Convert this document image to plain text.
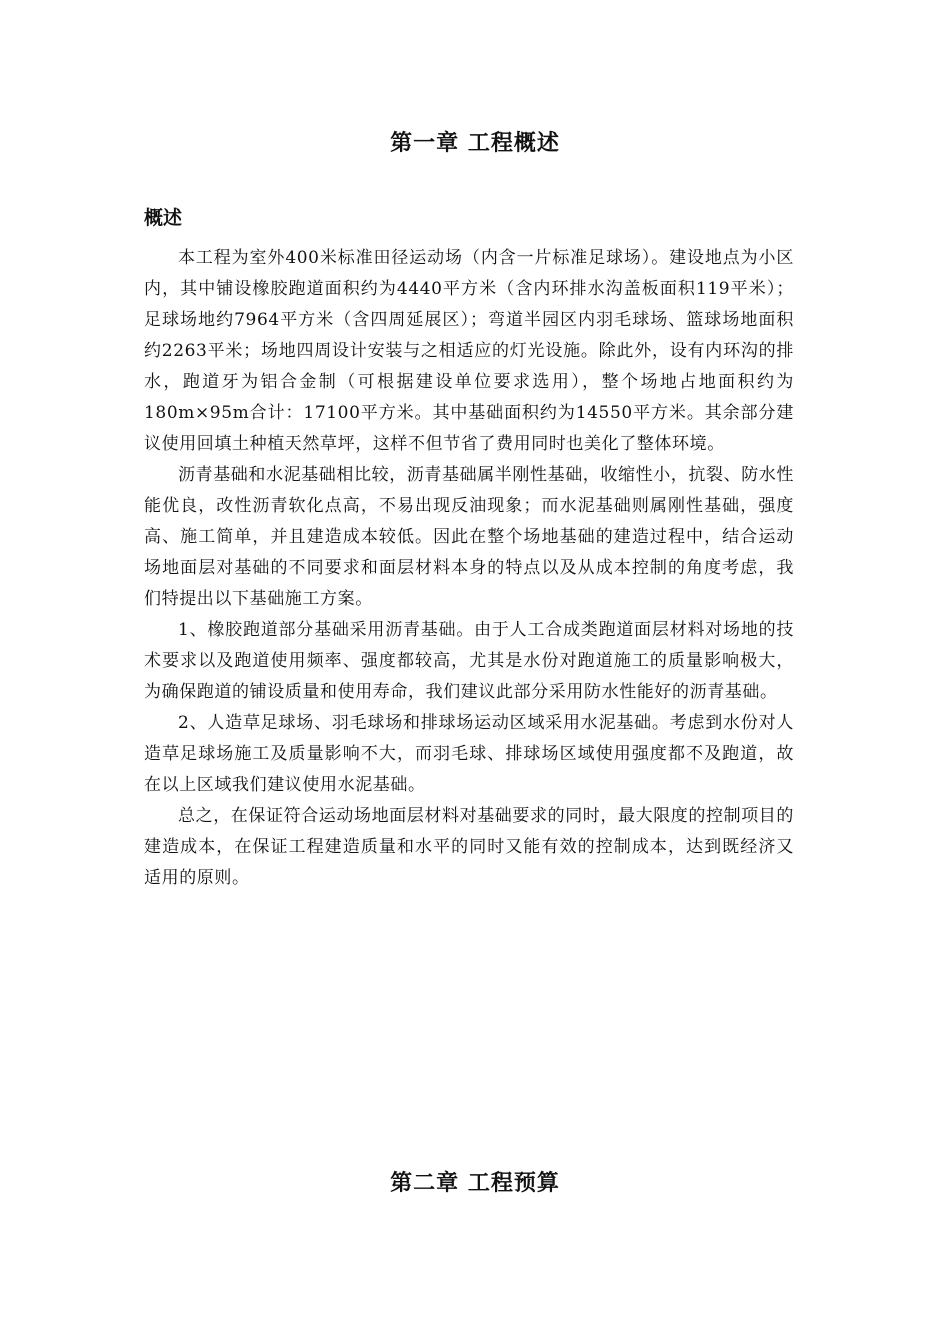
第一章 工程概述
概述

本工程为室外400米标准田径运动场（内含一片标准足球场）。建设地点为小区内，其中铺设橡胶跑道面积约为4440平方米（含内环排水沟盖板面积119平米）；足球场地约7964平方米（含四周延展区）；弯道半园区内羽毛球场、篮球场地面积约2263平米；场地四周设计安装与之相适应的灯光设施。除此外，设有内环沟的排水，跑道牙为铝合金制（可根据建设单位要求选用），整个场地占地面积约为180m×95m合计：17100平方米。其中基础面积约为14550平方米。其余部分建议使用回填土种植天然草坪，这样不但节省了费用同时也美化了整体环境。

沥青基础和水泥基础相比较，沥青基础属半刚性基础，收缩性小，抗裂、防水性能优良，改性沥青软化点高，不易出现反油现象；而水泥基础则属刚性基础，强度高、施工简单，并且建造成本较低。因此在整个场地基础的建造过程中，结合运动场地面层对基础的不同要求和面层材料本身的特点以及从成本控制的角度考虑，我们特提出以下基础施工方案。

1、橡胶跑道部分基础采用沥青基础。由于人工合成类跑道面层材料对场地的技术要求以及跑道使用频率、强度都较高，尤其是水份对跑道施工的质量影响极大，为确保跑道的铺设质量和使用寿命，我们建议此部分采用防水性能好的沥青基础。

2、人造草足球场、羽毛球场和排球场运动区域采用水泥基础。考虑到水份对人造草足球场施工及质量影响不大，而羽毛球、排球场区域使用强度都不及跑道，故在以上区域我们建议使用水泥基础。

总之，在保证符合运动场地面层材料对基础要求的同时，最大限度的控制项目的建造成本，在保证工程建造质量和水平的同时又能有效的控制成本，达到既经济又适用的原则。

第二章 工程预算
